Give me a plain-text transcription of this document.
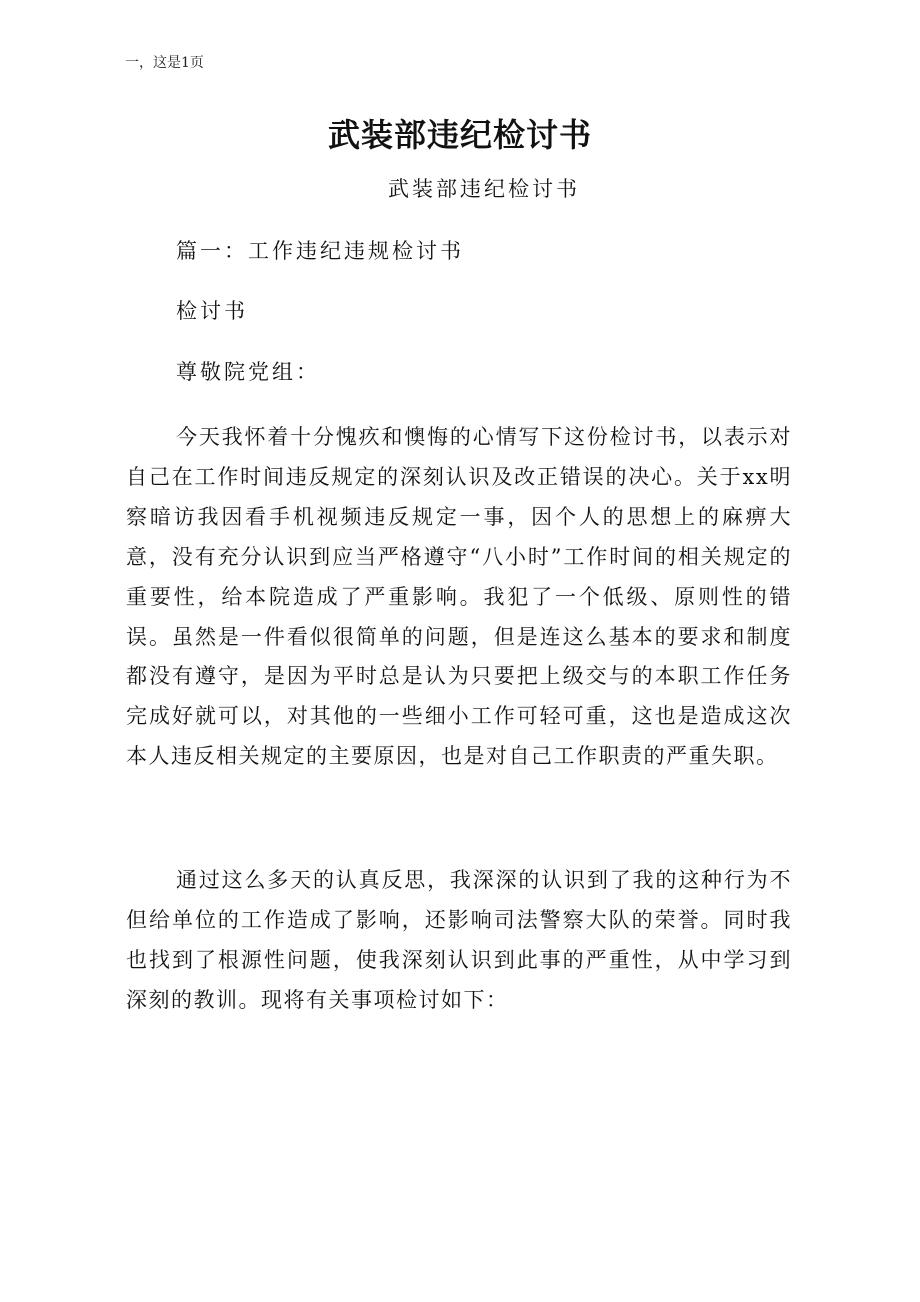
一，这是1页
武装部违纪检讨书
武装部违纪检讨书
篇一：工作违纪违规检讨书
检讨书
尊敬院党组：

今天我怀着十分愧疚和懊悔的心情写下这份检讨书，以表示对自己在工作时间违反规定的深刻认识及改正错误的决心。关于xx明察暗访我因看手机视频违反规定一事，因个人的思想上的麻痹大意，没有充分认识到应当严格遵守“八小时”工作时间的相关规定的重要性，给本院造成了严重影响。我犯了一个低级、原则性的错误。虽然是一件看似很简单的问题，但是连这么基本的要求和制度都没有遵守，是因为平时总是认为只要把上级交与的本职工作任务完成好就可以，对其他的一些细小工作可轻可重，这也是造成这次本人违反相关规定的主要原因，也是对自己工作职责的严重失职。

通过这么多天的认真反思，我深深的认识到了我的这种行为不但给单位的工作造成了影响，还影响司法警察大队的荣誉。同时我也找到了根源性问题，使我深刻认识到此事的严重性，从中学习到深刻的教训。现将有关事项检讨如下：
